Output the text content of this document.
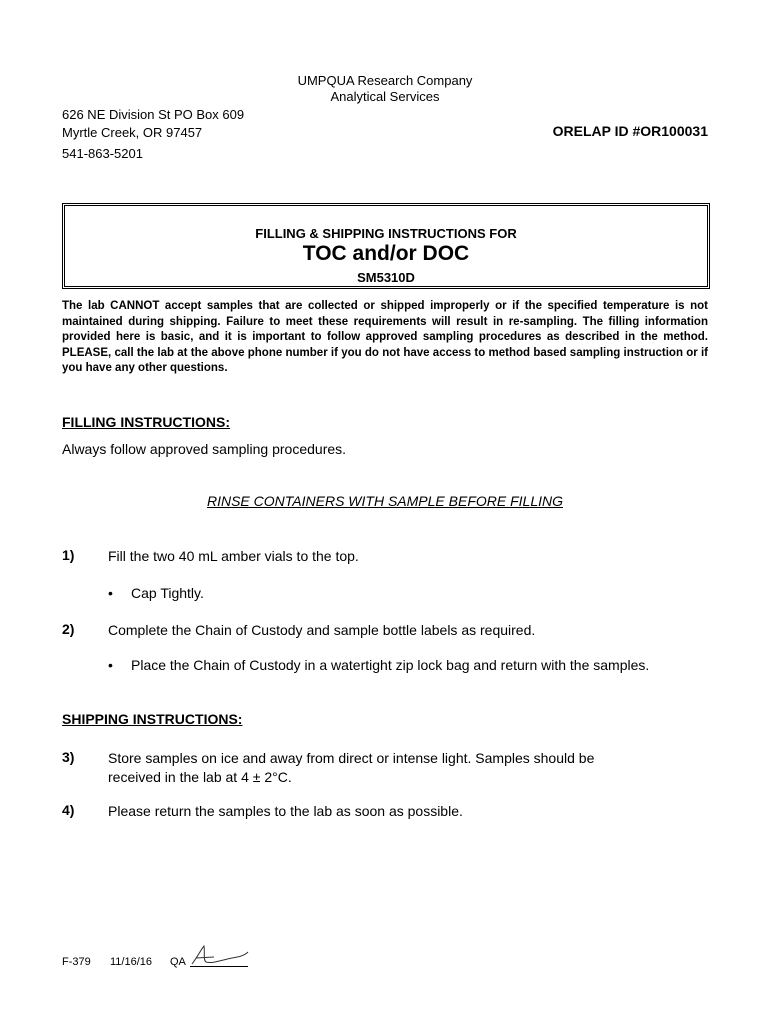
UMPQUA Research Company
Analytical Services
626 NE Division St PO Box 609
Myrtle Creek, OR 97457
541-863-5201
ORELAP ID #OR100031
FILLING & SHIPPING INSTRUCTIONS FOR
TOC and/or DOC
SM5310D
The lab CANNOT accept samples that are collected or shipped improperly or if the specified temperature is not maintained during shipping. Failure to meet these requirements will result in re-sampling. The filling information provided here is basic, and it is important to follow approved sampling procedures as described in the method. PLEASE, call the lab at the above phone number if you do not have access to method based sampling instruction or if you have any other questions.
FILLING INSTRUCTIONS:
Always follow approved sampling procedures.
RINSE CONTAINERS WITH SAMPLE BEFORE FILLING
1) Fill the two 40 mL amber vials to the top.
• Cap Tightly.
2) Complete the Chain of Custody and sample bottle labels as required.
• Place the Chain of Custody in a watertight zip lock bag and return with the samples.
SHIPPING INSTRUCTIONS:
3) Store samples on ice and away from direct or intense light. Samples should be received in the lab at 4 ± 2°C.
4) Please return the samples to the lab as soon as possible.
F-379 11/16/16 QA
